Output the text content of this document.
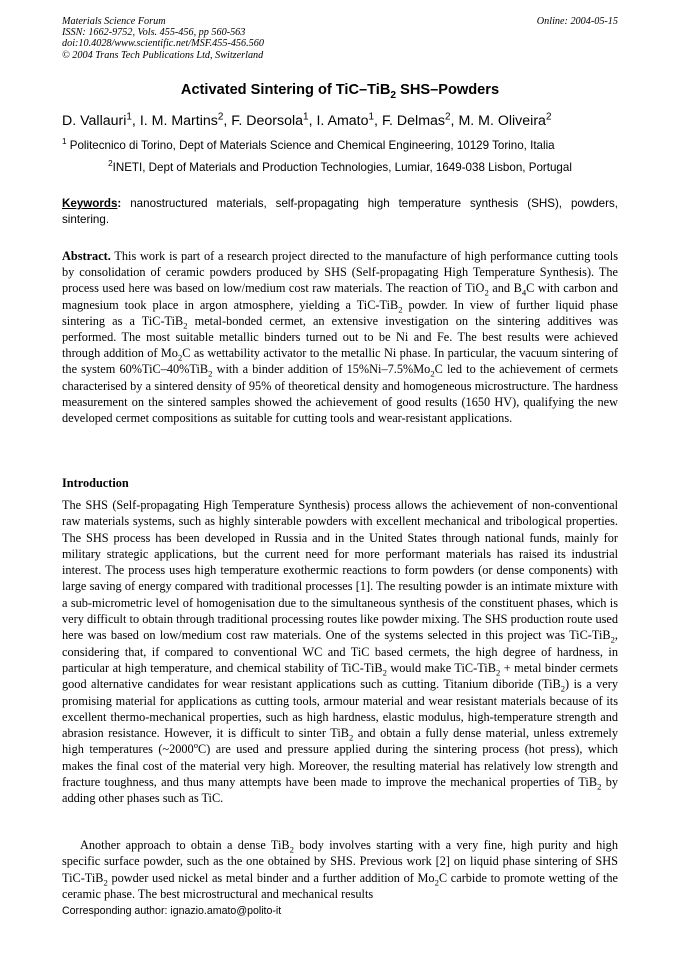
Materials Science Forum
ISSN: 1662-9752, Vols. 455-456, pp 560-563
doi:10.4028/www.scientific.net/MSF.455-456.560
© 2004 Trans Tech Publications Ltd, Switzerland
Online: 2004-05-15
Activated Sintering of TiC–TiB$_2$ SHS–Powders
D. Vallauri$^1$, I. M. Martins$^2$, F. Deorsola$^1$, I. Amato$^1$, F. Delmas$^2$, M. M. Oliveira$^2$
$^1$ Politecnico di Torino, Dept of Materials Science and Chemical Engineering, 10129 Torino, Italia
$^2$INETI, Dept of Materials and Production Technologies, Lumiar, 1649-038 Lisbon, Portugal
Keywords: nanostructured materials, self-propagating high temperature synthesis (SHS), powders, sintering.
Abstract. This work is part of a research project directed to the manufacture of high performance cutting tools by consolidation of ceramic powders produced by SHS (Self-propagating High Temperature Synthesis). The process used here was based on low/medium cost raw materials. The reaction of TiO$_2$ and $B_4C$ with carbon and magnesium took place in argon atmosphere, yielding a TiC-TiB$_2$ powder. In view of further liquid phase sintering as a TiC-TiB$_2$ metal-bonded cermet, an extensive investigation on the sintering additives was performed. The most suitable metallic binders turned out to be Ni and Fe. The best results were achieved through addition of $Mo_2C$ as wettability activator to the metallic Ni phase. In particular, the vacuum sintering of the system 60%TiC–40%TiB$_2$ with a binder addition of $15\%Ni-7.5\%Mo_2C$ led to the achievement of cermets characterised by a sintered density of 95% of theoretical density and homogeneous microstructure. The hardness measurement on the sintered samples showed the achievement of good results (1650 HV), qualifying the new developed cermet compositions as suitable for cutting tools and wear-resistant applications.
Introduction
The SHS (Self-propagating High Temperature Synthesis) process allows the achievement of non-conventional raw materials systems, such as highly sinterable powders with excellent mechanical and tribological properties. The SHS process has been developed in Russia and in the United States through national funds, mainly for military strategic applications, but the current need for more performant materials has raised its industrial interest. The process uses high temperature exothermic reactions to form powders (or dense components) with large saving of energy compared with traditional processes [1]. The resulting powder is an intimate mixture with a sub-micrometric level of homogenisation due to the simultaneous synthesis of the constituent phases, which is very difficult to obtain through traditional processing routes like powder mixing. The SHS production route used here was based on low/medium cost raw materials. One of the systems selected in this project was TiC-TiB$_2$, considering that, if compared to conventional WC and TiC based cermets, the high degree of hardness, in particular at high temperature, and chemical stability of TiC-TiB$_2$ would make TiC-TiB$_2$ + metal binder cermets good alternative candidates for wear resistant applications such as cutting. Titanium diboride (TiB$_2$) is a very promising material for applications as cutting tools, armour material and wear resistant materials because of its excellent thermo-mechanical properties, such as high hardness, elastic modulus, high-temperature strength and abrasion resistance. However, it is difficult to sinter TiB$_2$ and obtain a fully dense material, unless extremely high temperatures (~2000$^o$C) are used and pressure applied during the sintering process (hot press), which makes the final cost of the material very high. Moreover, the resulting material has relatively low strength and fracture toughness, and thus many attempts have been made to improve the mechanical properties of TiB$_2$ by adding other phases such as TiC.
Another approach to obtain a dense TiB$_2$ body involves starting with a very fine, high purity and high specific surface powder, such as the one obtained by SHS. Previous work [2] on liquid phase sintering of SHS TiC-TiB$_2$ powder used nickel as metal binder and a further addition of $Mo_2C$ carbide to promote wetting of the ceramic phase. The best microstructural and mechanical results
Corresponding author: ignazio.amato@polito-it
